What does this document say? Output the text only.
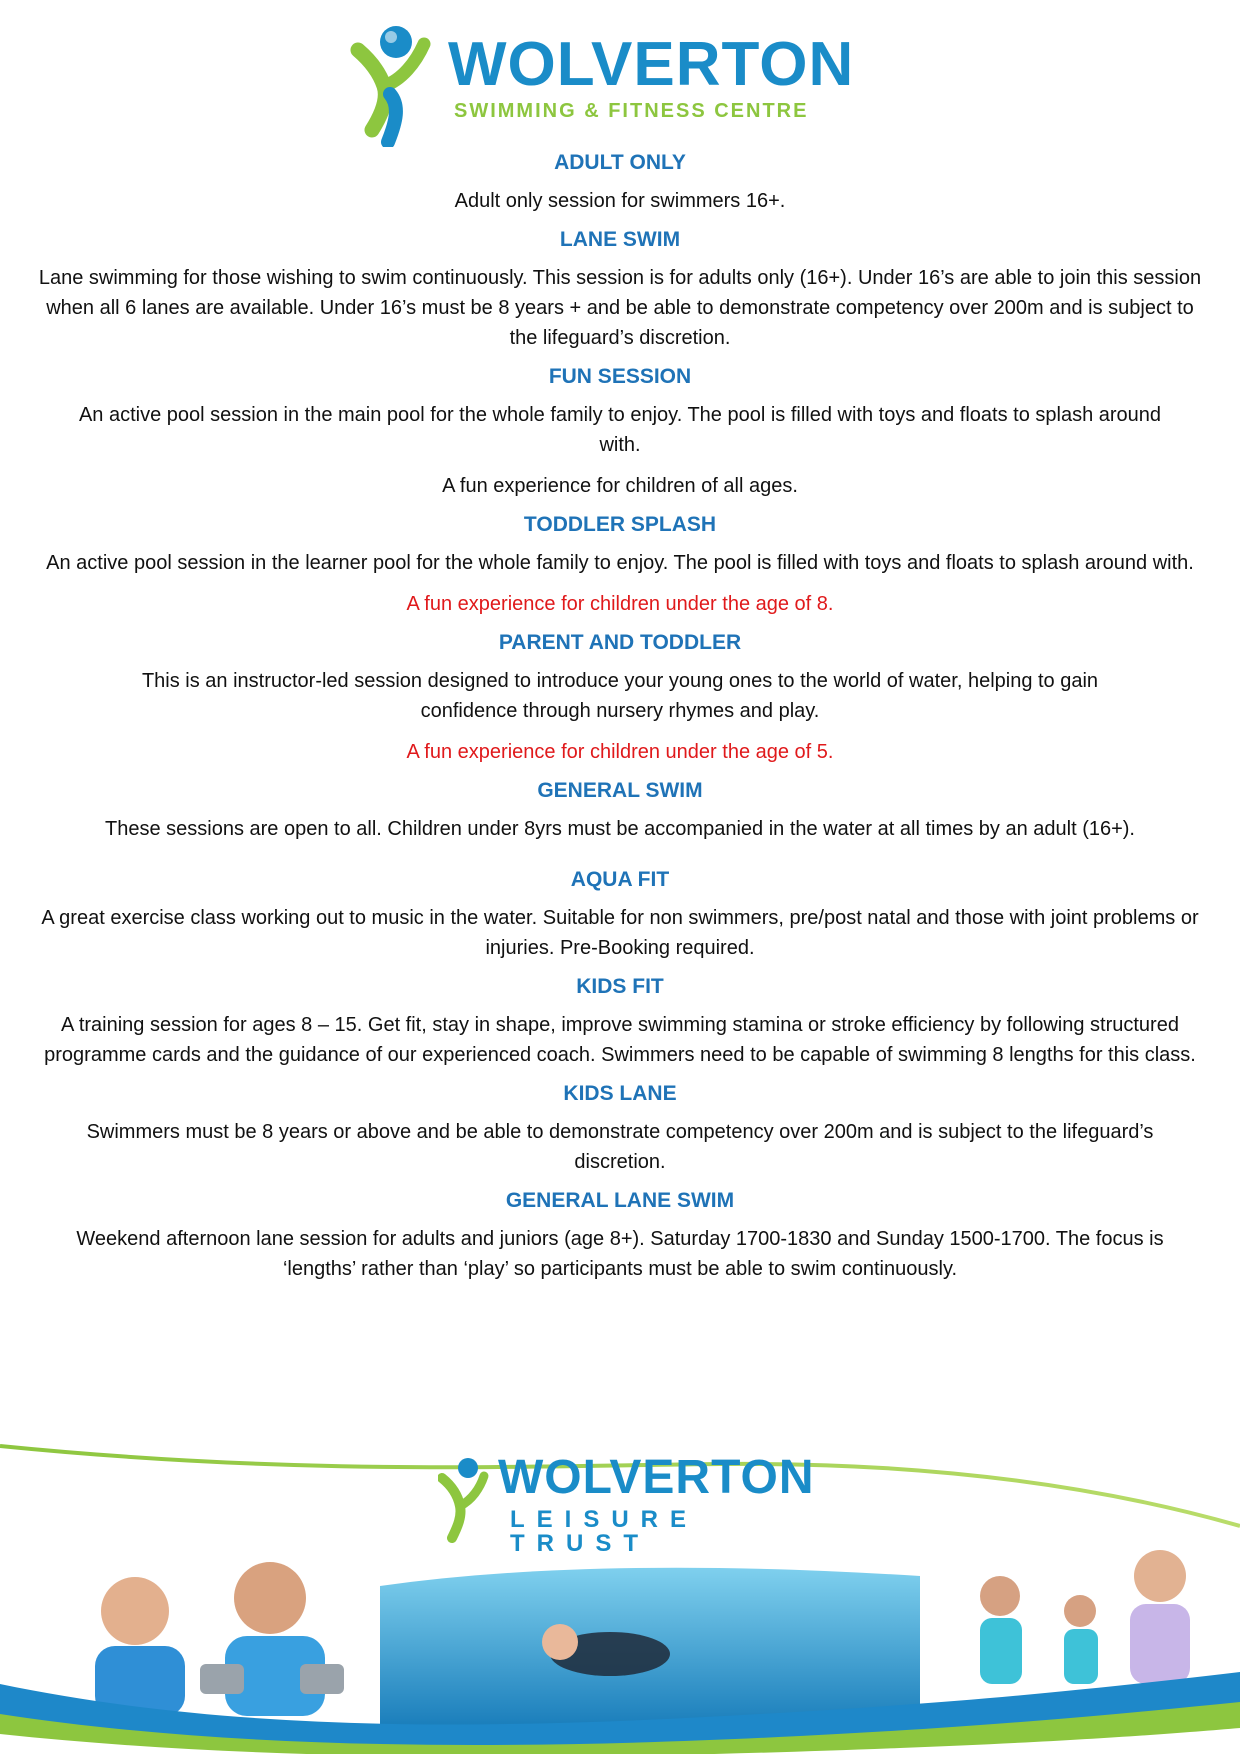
WOLVERTON
SWIMMING & FITNESS CENTRE
ADULT ONLY
Adult only session for swimmers 16+.
LANE SWIM
Lane swimming for those wishing to swim continuously. This session is for adults only (16+). Under 16’s are able to join this session when all 6 lanes are available. Under 16’s must be 8 years + and be able to demonstrate competency over 200m and is subject to the lifeguard’s discretion.
FUN SESSION
An active pool session in the main pool for the whole family to enjoy. The pool is filled with toys and floats to splash around with.
A fun experience for children of all ages.
TODDLER SPLASH
An active pool session in the learner pool for the whole family to enjoy. The pool is filled with toys and floats to splash around with.
A fun experience for children under the age of 8.
PARENT AND TODDLER
This is an instructor-led session designed to introduce your young ones to the world of water, helping to gain confidence through nursery rhymes and play.
A fun experience for children under the age of 5.
GENERAL SWIM
These sessions are open to all. Children under 8yrs must be accompanied in the water at all times by an adult (16+).
AQUA FIT
A great exercise class working out to music in the water. Suitable for non swimmers, pre/post natal and those with joint problems or injuries. Pre-Booking required.
KIDS FIT
A training session for ages 8 – 15. Get fit, stay in shape, improve swimming stamina or stroke efficiency by following structured programme cards and the guidance of our experienced coach. Swimmers need to be capable of swimming 8 lengths for this class.
KIDS LANE
Swimmers must be 8 years or above and be able to demonstrate competency over 200m and is subject to the lifeguard’s discretion.
GENERAL LANE SWIM
Weekend afternoon lane session for adults and juniors (age 8+). Saturday 1700-1830 and Sunday 1500-1700. The focus is ‘lengths’ rather than ‘play’ so participants must be able to swim continuously.
WOLVERTON
LEISURE TRUST
